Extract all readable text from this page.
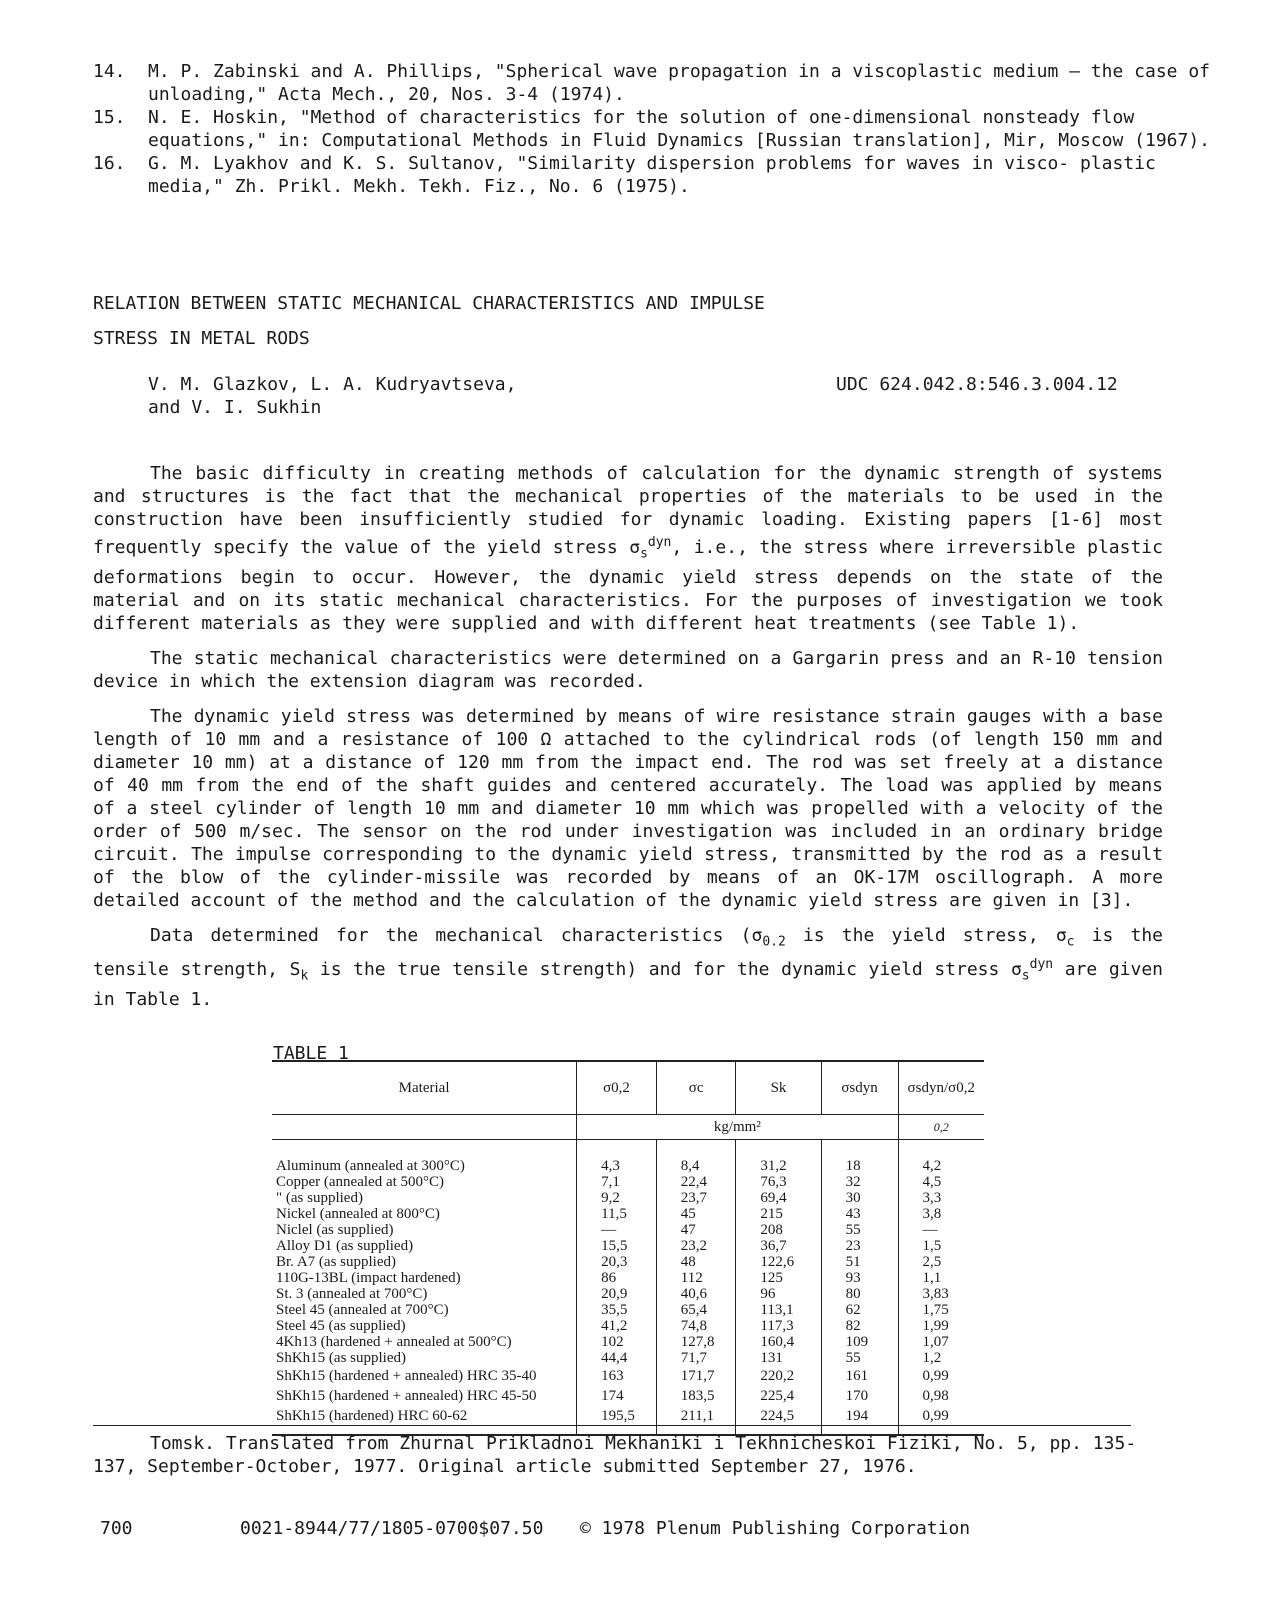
14.	M. P. Zabinski and A. Phillips, "Spherical wave propagation in a viscoplastic medium — the case of unloading," Acta Mech., 20, Nos. 3-4 (1974).
15.	N. E. Hoskin, "Method of characteristics for the solution of one-dimensional nonsteady flow equations," in: Computational Methods in Fluid Dynamics [Russian translation], Mir, Moscow (1967).
16.	G. M. Lyakhov and K. S. Sultanov, "Similarity dispersion problems for waves in visco- plastic media," Zh. Prikl. Mekh. Tekh. Fiz., No. 6 (1975).
RELATION BETWEEN STATIC MECHANICAL CHARACTERISTICS AND IMPULSE
STRESS IN METAL RODS
V. M. Glazkov, L. A. Kudryavtseva,
and V. I. Sukhin
UDC 624.042.8:546.3.004.12

The basic difficulty in creating methods of calculation for the dynamic strength of systems and structures is the fact that the mechanical properties of the materials to be used in the construction have been insufficiently studied for dynamic loading. Existing papers [1-6] most frequently specify the value of the yield stress $\sigma_s^{dyn}$, i.e., the stress where irreversible plastic deformations begin to occur. However, the dynamic yield stress depends on the state of the material and on its static mechanical characteristics. For the purposes of investigation we took different materials as they were supplied and with different heat treatments (see Table 1).

The static mechanical characteristics were determined on a Gargarin press and an R-10 tension device in which the extension diagram was recorded.

The dynamic yield stress was determined by means of wire resistance strain gauges with a base length of 10 mm and a resistance of 100 Ω attached to the cylindrical rods (of length 150 mm and diameter 10 mm) at a distance of 120 mm from the impact end. The rod was set freely at a distance of 40 mm from the end of the shaft guides and centered accurately. The load was applied by means of a steel cylinder of length 10 mm and diameter 10 mm which was propelled with a velocity of the order of 500 m/sec. The sensor on the rod under investigation was included in an ordinary bridge circuit. The impulse corresponding to the dynamic yield stress, transmitted by the rod as a result of the blow of the cylinder-missile was recorded by means of an OK-17M oscillograph. A more detailed account of the method and the calculation of the dynamic yield stress are given in [3].

Data determined for the mechanical characteristics ($\sigma_{0.2}$ is the yield stress, $\sigma_c$ is the tensile strength, $S_k$ is the true tensile strength) and for the dynamic yield stress $\sigma_s^{dyn}$ are given in Table 1.

TABLE 1
Material	σ0,2	σc	Sk	σsdyn	σsdyn/σ0,2
	kg/mm²				0,2

Aluminum (annealed at 300°C)	4,3	8,4	31,2	18	4,2
Copper (annealed at 500°C)	7,1	22,4	76,3	32	4,5
" (as supplied)	9,2	23,7	69,4	30	3,3
Nickel (annealed at 800°C)	11,5	45	215	43	3,8
Niclel (as supplied)	—	47	208	55	—
Alloy D1 (as supplied)	15,5	23,2	36,7	23	1,5
Br. A7 (as supplied)	20,3	48	122,6	51	2,5
110G-13BL (impact hardened)	86	112	125	93	1,1
St. 3 (annealed at 700°C)	20,9	40,6	96	80	3,83
Steel 45 (annealed at 700°C)	35,5	65,4	113,1	62	1,75
Steel 45 (as supplied)	41,2	74,8	117,3	82	1,99
4Kh13 (hardened + annealed at 500°C)	102	127,8	160,4	109	1,07
ShKh15 (as supplied)	44,4	71,7	131	55	1,2
ShKh15 (hardened + annealed) HRC 35-40	163	171,7	220,2	161	0,99
ShKh15 (hardened + annealed) HRC 45-50	174	183,5	225,4	170	0,98
ShKh15 (hardened) HRC 60-62	195,5	211,1	224,5	194	0,99

Tomsk. Translated from Zhurnal Prikladnoi Mekhaniki i Tekhnicheskoi Fiziki, No. 5, pp. 135-137, September-October, 1977. Original article submitted September 27, 1976.
700	0021-8944/77/1805-0700$07.50 © 1978 Plenum Publishing Corporation
